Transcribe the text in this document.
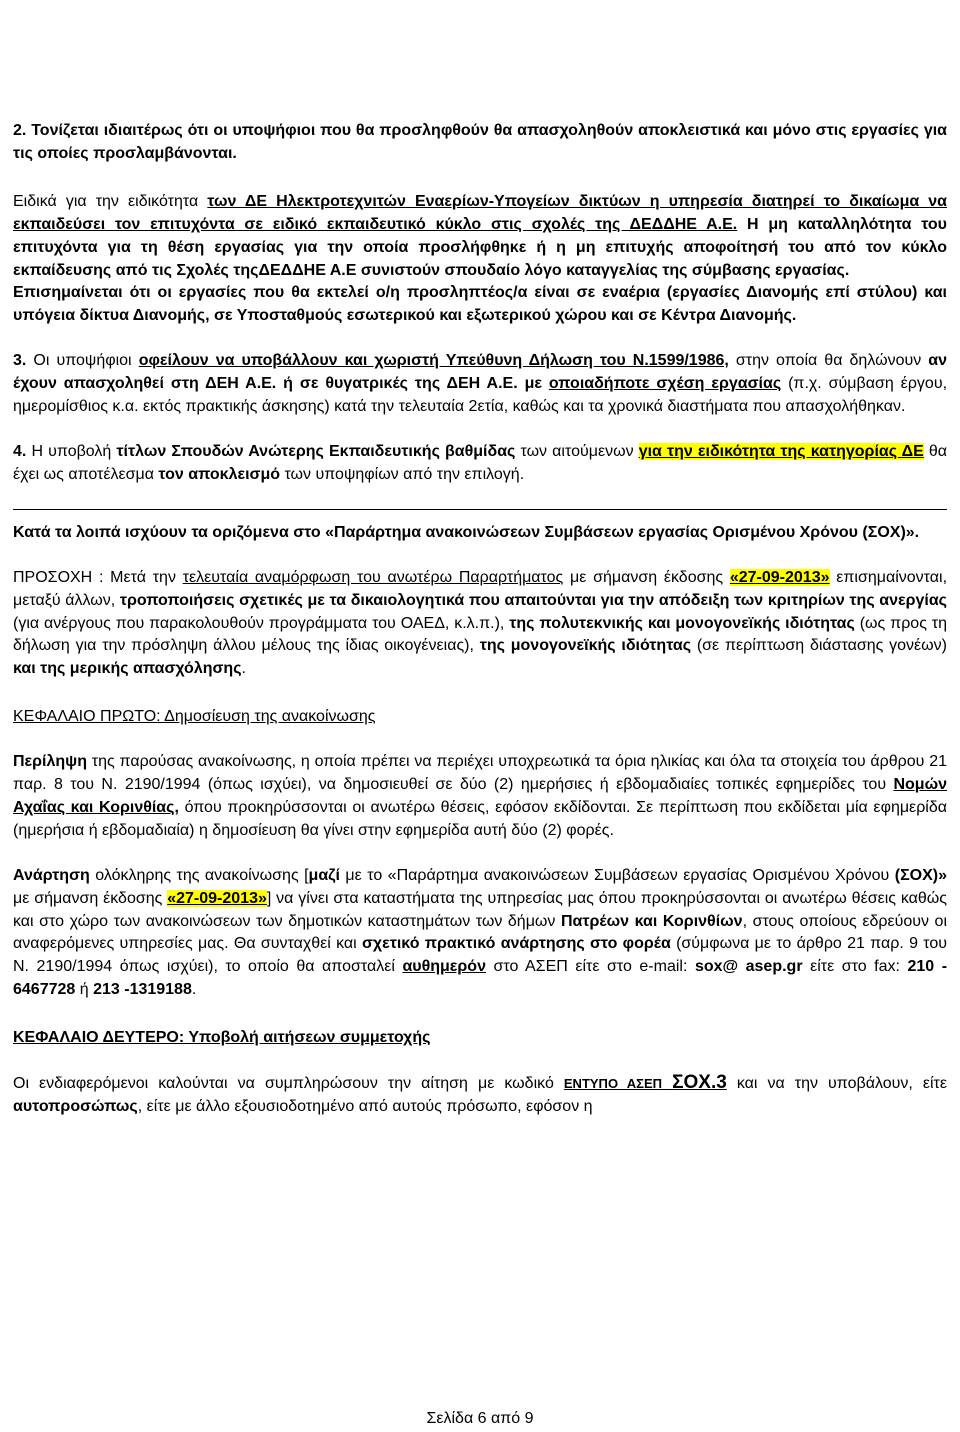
2. Τονίζεται ιδιαιτέρως ότι οι υποψήφιοι που θα προσληφθούν θα απασχοληθούν αποκλειστικά και μόνο στις εργασίες για τις οποίες προσλαμβάνονται.

Ειδικά για την ειδικότητα των ΔΕ Ηλεκτροτεχνιτών Εναερίων-Υπογείων δικτύων η υπηρεσία διατηρεί το δικαίωμα να εκπαιδεύσει τον επιτυχόντα σε ειδικό εκπαιδευτικό κύκλο στις σχολές της ΔΕΔΔΗΕ Α.Ε. Η μη καταλληλότητα του επιτυχόντα για τη θέση εργασίας για την οποία προσλήφθηκε ή η μη επιτυχής αποφοίτησή του από τον κύκλο εκπαίδευσης από τις Σχολές τηςΔΕΔΔΗΕ Α.Ε συνιστούν σπουδαίο λόγο καταγγελίας της σύμβασης εργασίας.

Επισημαίνεται ότι οι εργασίες που θα εκτελεί ο/η προσληπτέος/α είναι σε εναέρια (εργασίες Διανομής επί στύλου) και υπόγεια δίκτυα Διανομής, σε Υποσταθμούς εσωτερικού και εξωτερικού χώρου και σε Κέντρα Διανομής.

3. Οι υποψήφιοι οφείλουν να υποβάλλουν και χωριστή Υπεύθυνη Δήλωση του Ν.1599/1986, στην οποία θα δηλώνουν αν έχουν απασχοληθεί στη ΔΕΗ Α.Ε. ή σε θυγατρικές της ΔΕΗ Α.Ε. με οποιαδήποτε σχέση εργασίας (π.χ. σύμβαση έργου, ημερομίσθιος κ.α. εκτός πρακτικής άσκησης) κατά την τελευταία 2ετία, καθώς και τα χρονικά διαστήματα που απασχολήθηκαν.

4. Η υποβολή τίτλων Σπουδών Ανώτερης Εκπαιδευτικής βαθμίδας των αιτούμενων για την ειδικότητα της κατηγορίας ΔΕ θα έχει ως αποτέλεσμα τον αποκλεισμό των υποψηφίων από την επιλογή.

Κατά τα λοιπά ισχύουν τα οριζόμενα στο «Παράρτημα ανακοινώσεων Συμβάσεων εργασίας Ορισμένου Χρόνου (ΣΟΧ)».

ΠΡΟΣΟΧΗ : Μετά την τελευταία αναμόρφωση του ανωτέρω Παραρτήματος με σήμανση έκδοσης «27-09-2013» επισημαίνονται, μεταξύ άλλων, τροποποιήσεις σχετικές με τα δικαιολογητικά που απαιτούνται για την απόδειξη των κριτηρίων της ανεργίας (για ανέργους που παρακολουθούν προγράμματα του ΟΑΕΔ, κ.λ.π.), της πολυτεκνικής και μονογονεϊκής ιδιότητας (ως προς τη δήλωση για την πρόσληψη άλλου μέλους της ίδιας οικογένειας), της μονογονεϊκής ιδιότητας (σε περίπτωση διάστασης γονέων) και της μερικής απασχόλησης.

ΚΕΦΑΛΑΙΟ ΠΡΩΤΟ: Δημοσίευση της ανακοίνωσης

Περίληψη της παρούσας ανακοίνωσης, η οποία πρέπει να περιέχει υποχρεωτικά τα όρια ηλικίας και όλα τα στοιχεία του άρθρου 21 παρ. 8 του Ν. 2190/1994 (όπως ισχύει), να δημοσιευθεί σε δύο (2) ημερήσιες ή εβδομαδιαίες τοπικές εφημερίδες του Νομών Αχαΐας και Κορινθίας, όπου προκηρύσσονται οι ανωτέρω θέσεις, εφόσον εκδίδονται. Σε περίπτωση που εκδίδεται μία εφημερίδα (ημερήσια ή εβδομαδιαία) η δημοσίευση θα γίνει στην εφημερίδα αυτή δύο (2) φορές.

Ανάρτηση ολόκληρης της ανακοίνωσης [μαζί με το «Παράρτημα ανακοινώσεων Συμβάσεων εργασίας Ορισμένου Χρόνου (ΣΟΧ)» με σήμανση έκδοσης «27-09-2013»] να γίνει στα καταστήματα της υπηρεσίας μας όπου προκηρύσσονται οι ανωτέρω θέσεις καθώς και στο χώρο των ανακοινώσεων των δημοτικών καταστημάτων των δήμων Πατρέων και Κορινθίων, στους οποίους εδρεύουν οι αναφερόμενες υπηρεσίες μας. Θα συνταχθεί και σχετικό πρακτικό ανάρτησης στο φορέα (σύμφωνα με το άρθρο 21 παρ. 9 του Ν. 2190/1994 όπως ισχύει), το οποίο θα αποσταλεί αυθημερόν στο ΑΣΕΠ είτε στο e-mail: sox@ asep.gr είτε στο fax: 210 - 6467728 ή 213 -1319188.

ΚΕΦΑΛΑΙΟ ΔΕΥΤΕΡΟ: Υποβολή αιτήσεων συμμετοχής

Οι ενδιαφερόμενοι καλούνται να συμπληρώσουν την αίτηση με κωδικό ΕΝΤΥΠΟ ΑΣΕΠ ΣΟΧ.3 και να την υποβάλουν, είτε αυτοπροσώπως, είτε με άλλο εξουσιοδοτημένο από αυτούς πρόσωπο, εφόσον η

Σελίδα 6 από 9
